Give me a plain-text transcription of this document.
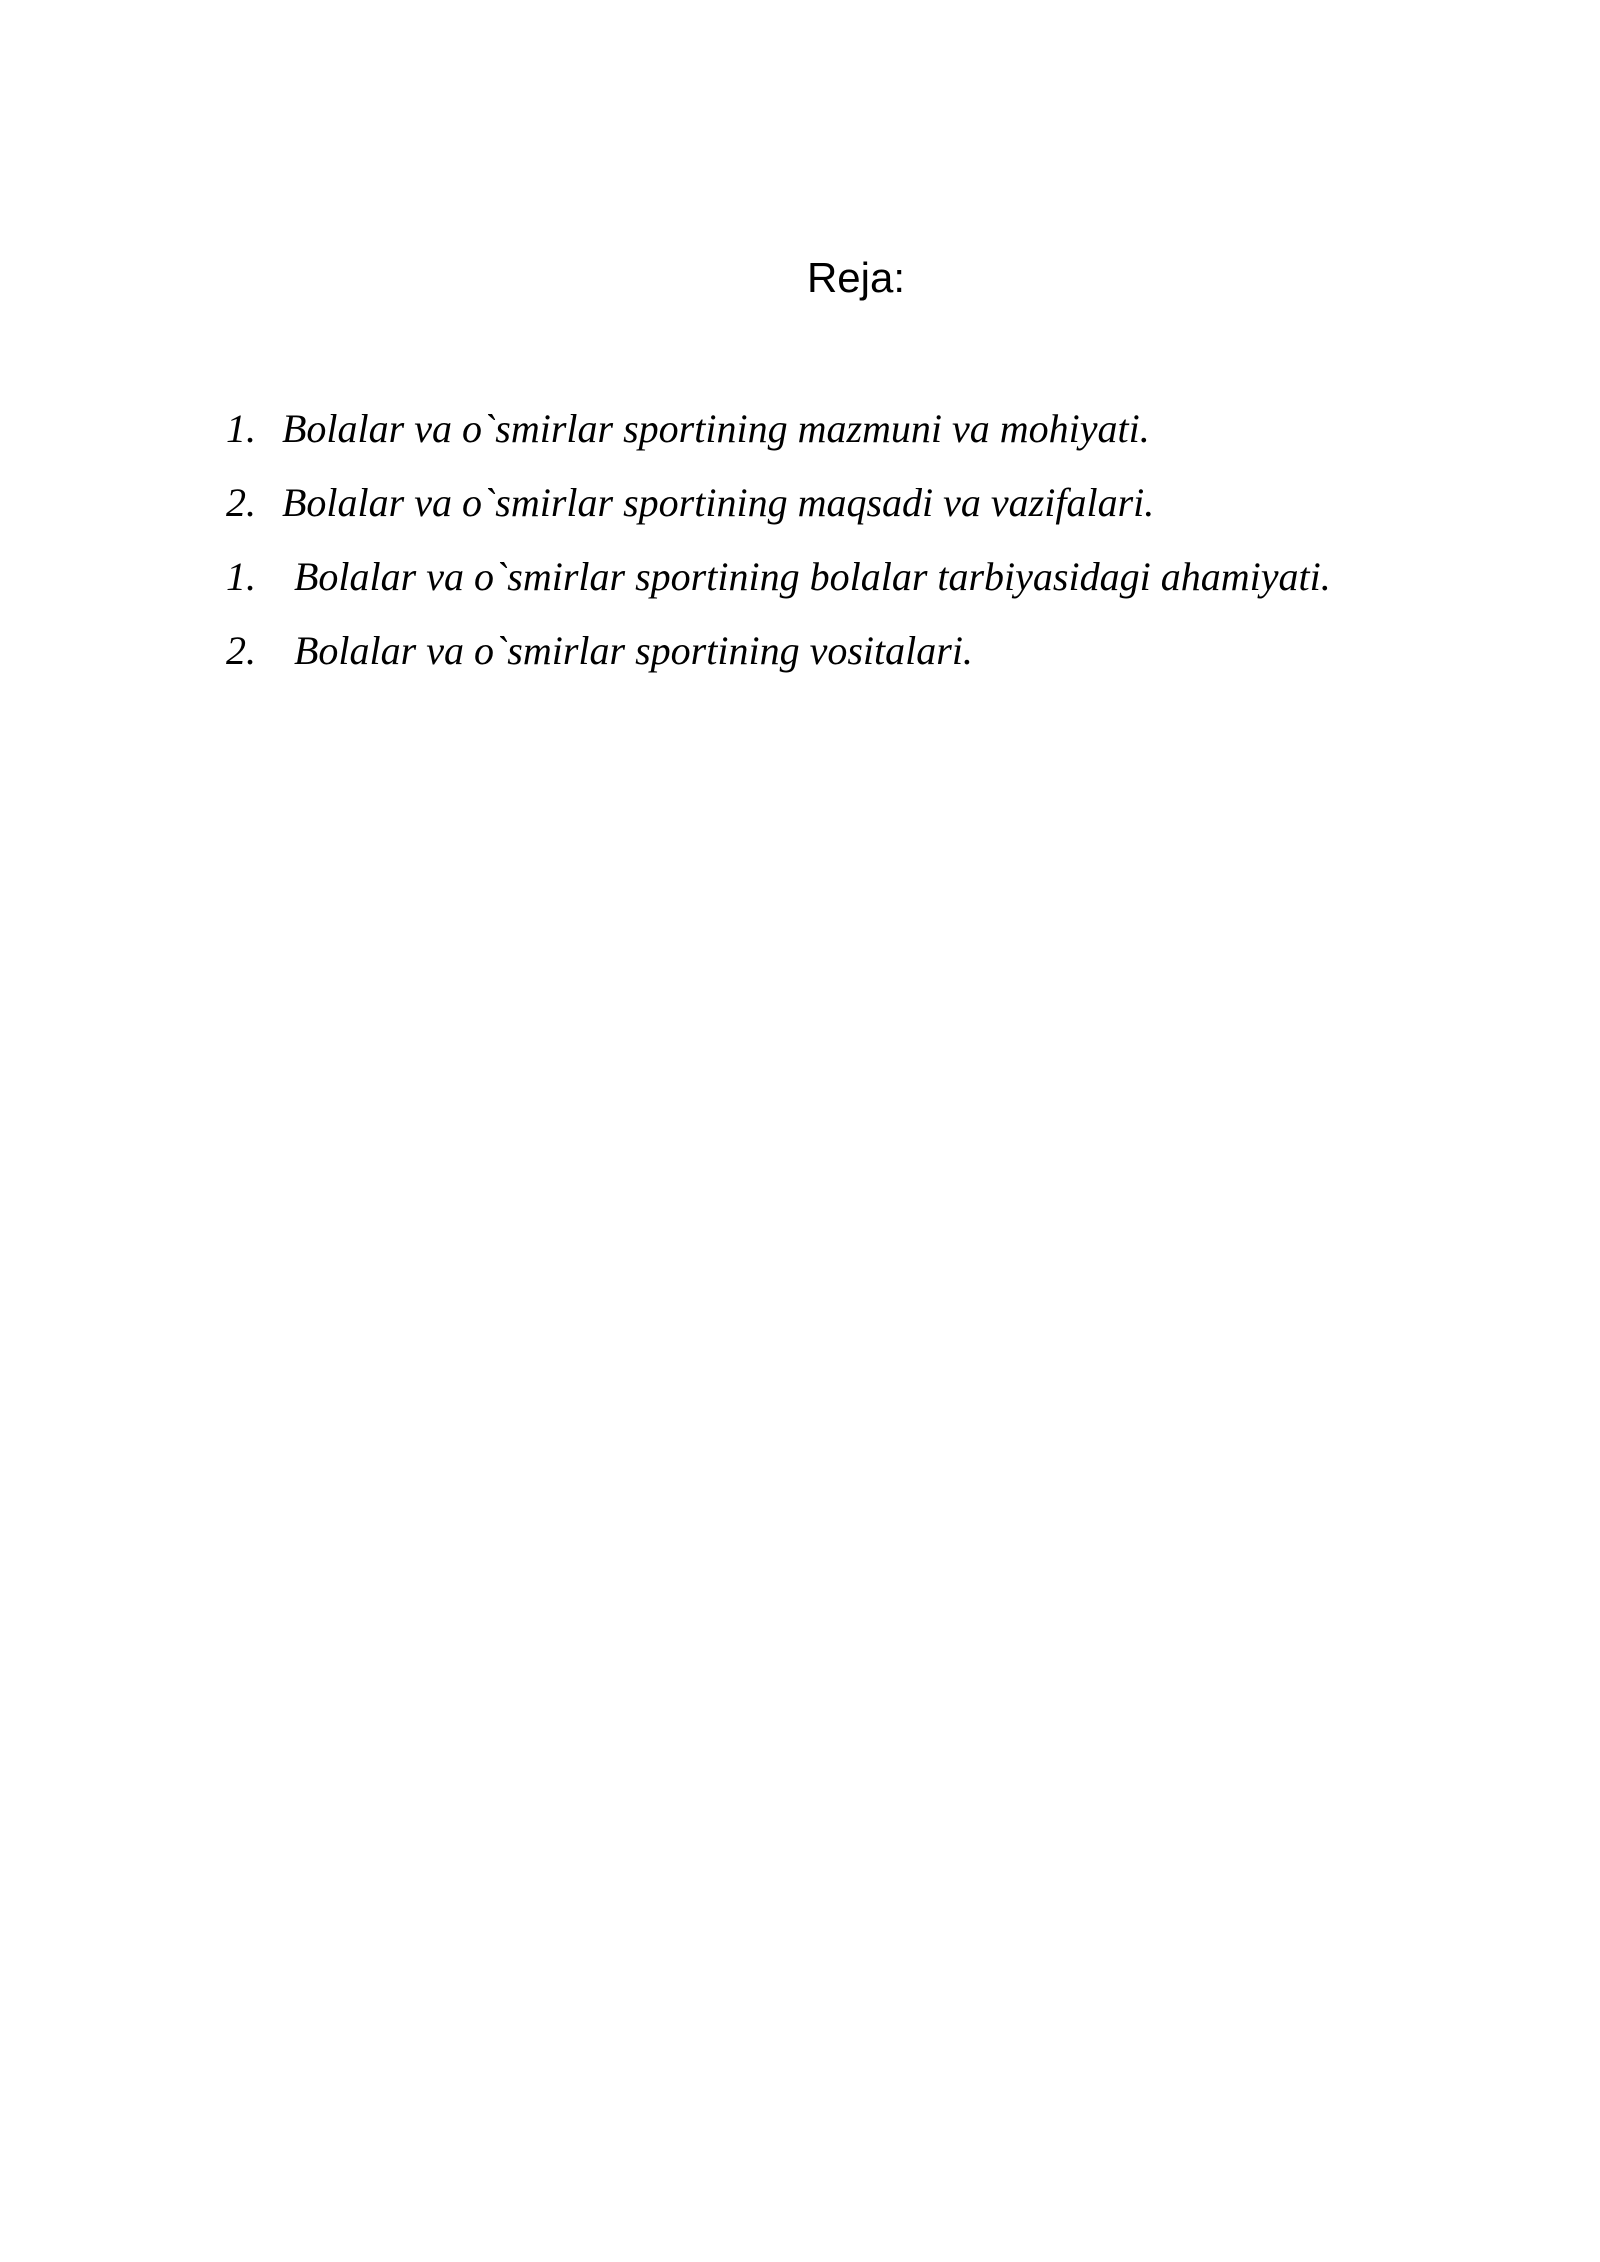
Reja:
1. Bolalar va o`smirlar sportining mazmuni va mohiyati.
2. Bolalar va o`smirlar sportining maqsadi va vazifalari.
1. Bolalar va o`smirlar sportining bolalar tarbiyasidagi ahamiyati.
2. Bolalar va o`smirlar sportining vositalari.
